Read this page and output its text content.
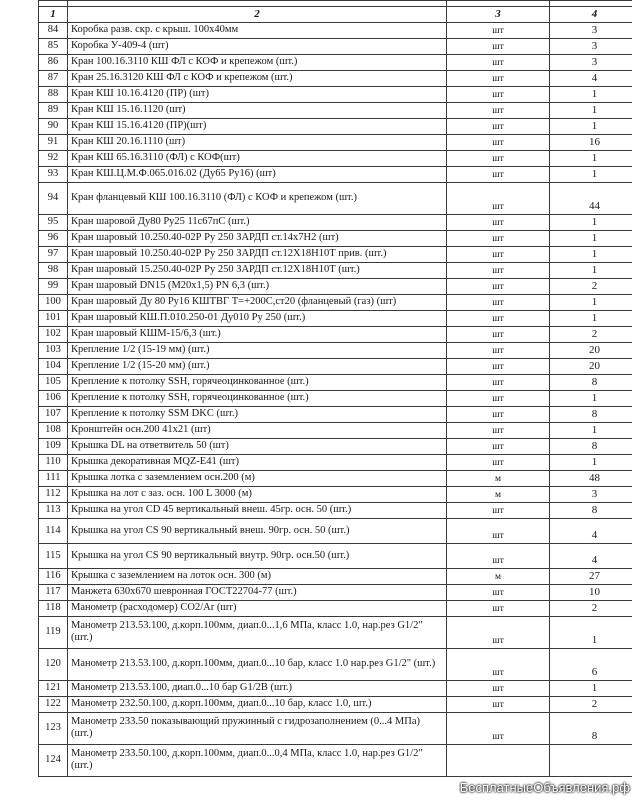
1	2	3	4
84	Коробка разв. скр. с крыш. 100х40мм	шт	3
85	Коробка У-409-4 (шт)	шт	3
86	Кран 100.16.3110 КШ ФЛ с КОФ и крепежом (шт.)	шт	3
87	Кран 25.16.3120 КШ ФЛ с КОФ и крепежом (шт.)	шт	4
88	Кран КШ 10.16.4120 (ПР) (шт)	шт	1
89	Кран КШ 15.16.1120 (шт)	шт	1
90	Кран КШ 15.16.4120 (ПР)(шт)	шт	1
91	Кран КШ 20.16.1110 (шт)	шт	16
92	Кран КШ 65.16.3110 (ФЛ) с КОФ(шт)	шт	1
93	Кран КШ.Ц.М.Ф.065.016.02 (Ду65 Ру16) (шт)	шт	1
94	Кран фланцевый КШ 100.16.3110 (ФЛ) с КОФ и крепежом (шт.)	шт	44
95	Кран шаровой Ду80 Ру25 11с67пС (шт.)	шт	1
96	Кран шаровый 10.250.40-02Р Ру 250 ЗАРДП ст.14х7Н2 (шт)	шт	1
97	Кран шаровый 10.250.40-02Р Ру 250 ЗАРДП ст.12Х18Н10Т прив. (шт.)	шт	1
98	Кран шаровый 15.250.40-02Р Ру 250 ЗАРДП ст.12Х18Н10Т (шт.)	шт	1
99	Кран шаровый DN15 (М20х1,5) PN 6,3 (шт.)	шт	2
100	Кран шаровый Ду 80 Ру16 КШТВГ Т=+200С,ст20 (фланцевый (газ) (шт)	шт	1
101	Кран шаровый КШ.П.010.250-01 Ду010 Ру 250 (шт.)	шт	1
102	Кран шаровый КШМ-15/6,3 (шт.)	шт	2
103	Крепление 1/2 (15-19 мм) (шт.)	шт	20
104	Крепление 1/2 (15-20 мм) (шт.)	шт	20
105	Крепление к потолку SSH, горячеоцинкованное (шт.)	шт	8
106	Крепление к потолку SSH, горячеоцинкованное (шт.)	шт	1
107	Крепление к потолку SSM DKC (шт.)	шт	8
108	Кронштейн осн.200 41х21 (шт)	шт	1
109	Крышка DL на ответвитель 50 (шт)	шт	8
110	Крышка декоративная MQZ-E41 (шт)	шт	1
111	Крышка лотка с заземлением осн.200 (м)	м	48
112	Крышка на лот с заз. осн. 100 L 3000 (м)	м	3
113	Крышка на угол CD 45 вертикальный внеш. 45гр. осн. 50 (шт.)	шт	8
114	Крышка на угол CS 90 вертикальный внеш. 90гр. осн. 50 (шт.)	шт	4
115	Крышка на угол CS 90 вертикальный внутр. 90гр. осн.50 (шт.)	шт	4
116	Крышка с заземлением на лоток осн. 300 (м)	м	27
117	Манжета 630х670 шевронная ГОСТ22704-77 (шт.)	шт	10
118	Манометр (расходомер) CO2/Ar (шт)	шт	2
119	Манометр 213.53.100, д.корп.100мм, диап.0...1,6 МПа, класс 1.0, нар.рез G1/2" (шт.)	шт	1
120	Манометр 213.53.100, д.корп.100мм, диап.0...10 бар, класс 1.0 нар.рез G1/2" (шт.)	шт	6
121	Манометр 213.53.100, диап.0...10 бар G1/2В (шт.)	шт	1
122	Манометр 232.50.100, д.корп.100мм, диап.0...10 бар, класс 1.0, шт.)	шт	2
123	Манометр 233.50 показывающий пружинный с гидрозаполнением (0...4 МПа) (шт.)	шт	8
124	Манометр 233.50.100, д.корп.100мм, диап.0...0,4 МПа, класс 1.0, нар.рез G1/2" (шт.)		
БесплатныеОбъявления.рф
